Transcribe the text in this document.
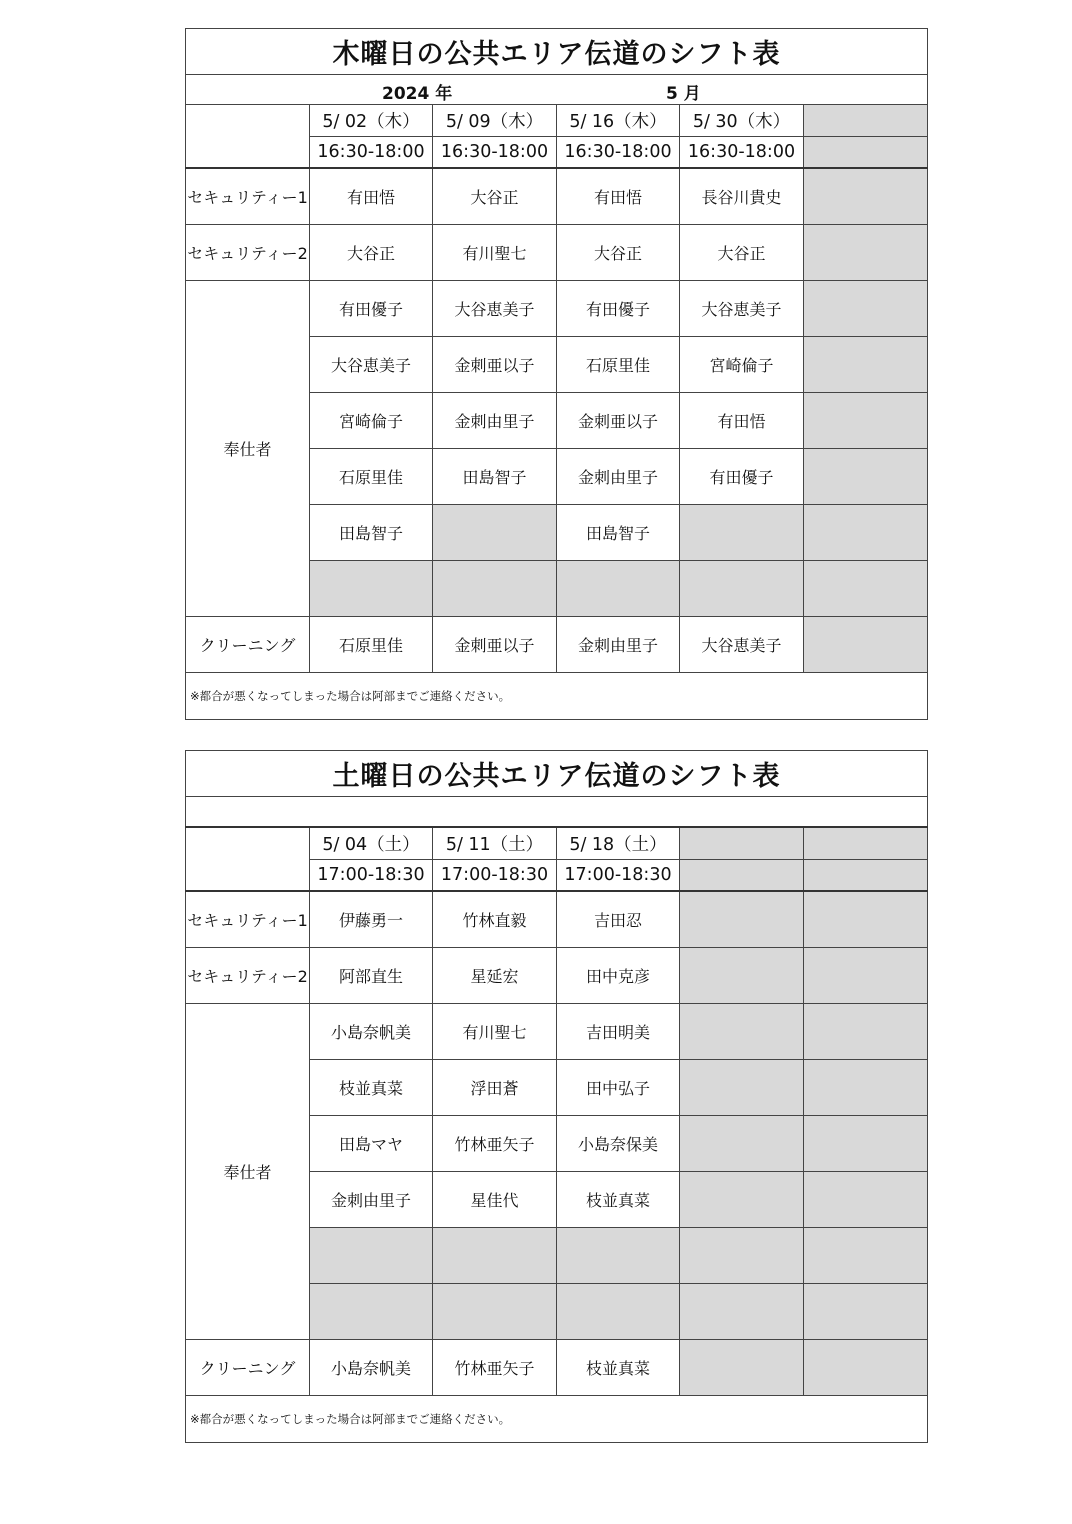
木曜日の公共エリア伝道のシフト表					

2024 年 5 月					

	5/ 02（木）	5/ 09（木）	5/ 16（木）	5/ 30（木）	
	16:30-18:00	16:30-18:00	16:30-18:00	16:30-18:00	
セキュリティー1	有田悟	大谷正	有田悟	長谷川貴史	
セキュリティー2	大谷正	有川聖七	大谷正	大谷正	
奉仕者	有田優子	大谷恵美子	有田優子	大谷恵美子	
	大谷恵美子	金刺亜以子	石原里佳	宮崎倫子	
	宮崎倫子	金刺由里子	金刺亜以子	有田悟	
	石原里佳	田島智子	金刺由里子	有田優子	
	田島智子		田島智子		

クリーニング	石原里佳	金刺亜以子	金刺由里子	大谷恵美子	
※都合が悪くなってしまった場合は阿部までご連絡ください。					
土曜日の公共エリア伝道のシフト表					

	5/ 04（土）	5/ 11（土）	5/ 18（土）		
	17:00-18:30	17:00-18:30	17:00-18:30		
セキュリティー1	伊藤勇一	竹林直毅	吉田忍		
セキュリティー2	阿部直生	星延宏	田中克彦		
奉仕者	小島奈帆美	有川聖七	吉田明美		
	枝並真菜	浮田蒼	田中弘子		
	田島マヤ	竹林亜矢子	小島奈保美		
	金刺由里子	星佳代	枝並真菜		

クリーニング	小島奈帆美	竹林亜矢子	枝並真菜		
※都合が悪くなってしまった場合は阿部までご連絡ください。					
